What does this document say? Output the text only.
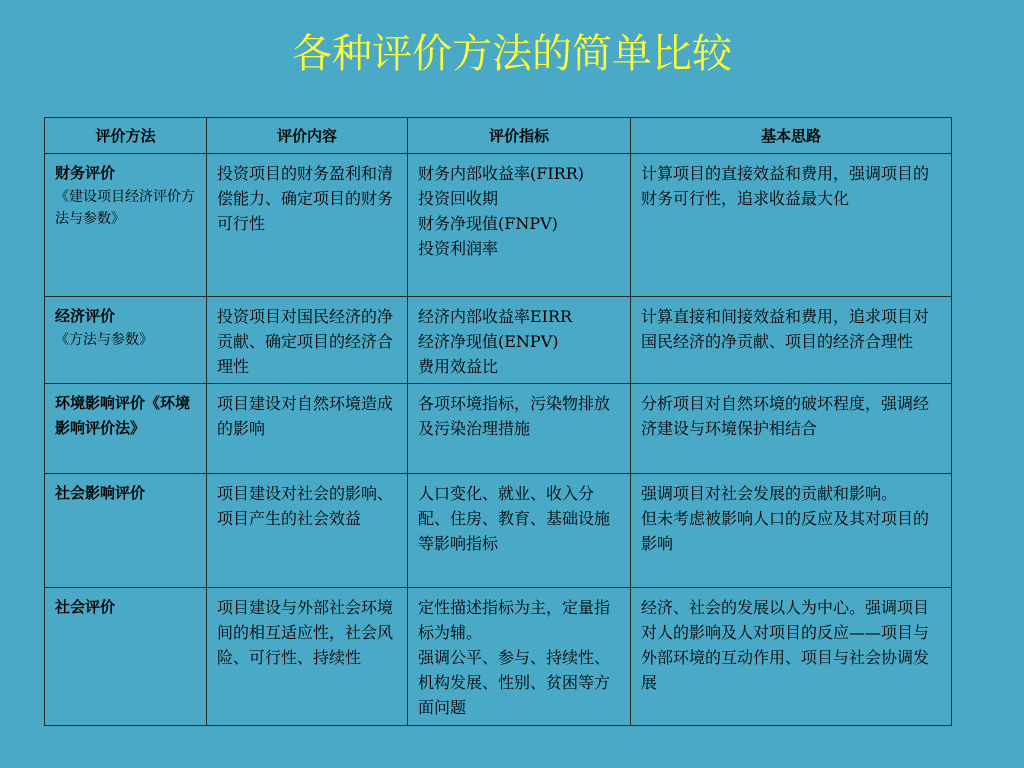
各种评价方法的简单比较
评价方法	评价内容	评价指标	基本思路

财务评价
《建设项目经济评价方法与参数》	投资项目的财务盈利和清偿能力、确定项目的财务可行性	财务内部收益率(FIRR)
投资回收期
财务净现值(FNPV)
投资利润率	计算项目的直接效益和费用，强调项目的财务可行性，追求收益最大化

经济评价
《方法与参数》	投资项目对国民经济的净贡献、确定项目的经济合理性	经济内部收益率EIRR
经济净现值(ENPV)
费用效益比	计算直接和间接效益和费用，追求项目对国民经济的净贡献、项目的经济合理性

环境影响评价《环境影响评价法》	项目建设对自然环境造成的影响	各项环境指标，污染物排放及污染治理措施	分析项目对自然环境的破坏程度，强调经济建设与环境保护相结合

社会影响评价	项目建设对社会的影响、项目产生的社会效益	人口变化、就业、收入分配、住房、教育、基础设施等影响指标	强调项目对社会发展的贡献和影响。
但未考虑被影响人口的反应及其对项目的影响

社会评价	项目建设与外部社会环境间的相互适应性，社会风险、可行性、持续性	定性描述指标为主，定量指标为辅。
强调公平、参与、持续性、机构发展、性别、贫困等方面问题	经济、社会的发展以人为中心。强调项目对人的影响及人对项目的反应——项目与外部环境的互动作用、项目与社会协调发展
